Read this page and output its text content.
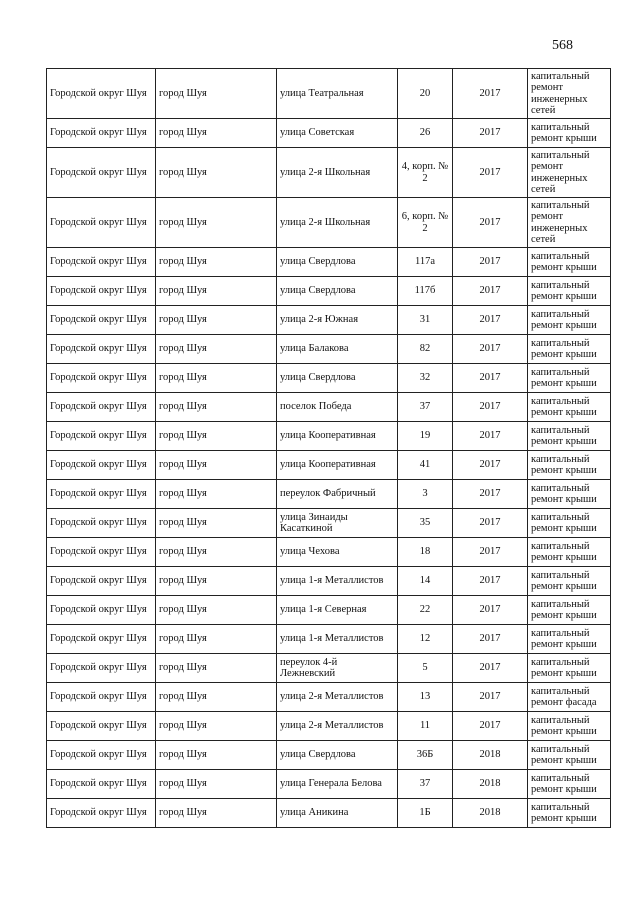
568
Городской округ Шуя	город Шуя	улица Театральная	20	2017	капитальный ремонт инженерных сетей
Городской округ Шуя	город Шуя	улица Советская	26	2017	капитальный ремонт крыши
Городской округ Шуя	город Шуя	улица 2-я Школьная	4, корп. № 2	2017	капитальный ремонт инженерных сетей
Городской округ Шуя	город Шуя	улица 2-я Школьная	6, корп. № 2	2017	капитальный ремонт инженерных сетей
Городской округ Шуя	город Шуя	улица Свердлова	117а	2017	капитальный ремонт крыши
Городской округ Шуя	город Шуя	улица Свердлова	117б	2017	капитальный ремонт крыши
Городской округ Шуя	город Шуя	улица 2-я Южная	31	2017	капитальный ремонт крыши
Городской округ Шуя	город Шуя	улица Балакова	82	2017	капитальный ремонт крыши
Городской округ Шуя	город Шуя	улица Свердлова	32	2017	капитальный ремонт крыши
Городской округ Шуя	город Шуя	поселок Победа	37	2017	капитальный ремонт крыши
Городской округ Шуя	город Шуя	улица Кооперативная	19	2017	капитальный ремонт крыши
Городской округ Шуя	город Шуя	улица Кооперативная	41	2017	капитальный ремонт крыши
Городской округ Шуя	город Шуя	переулок Фабричный	3	2017	капитальный ремонт крыши
Городской округ Шуя	город Шуя	улица Зинаиды Касаткиной	35	2017	капитальный ремонт крыши
Городской округ Шуя	город Шуя	улица Чехова	18	2017	капитальный ремонт крыши
Городской округ Шуя	город Шуя	улица 1-я Металлистов	14	2017	капитальный ремонт крыши
Городской округ Шуя	город Шуя	улица 1-я Северная	22	2017	капитальный ремонт крыши
Городской округ Шуя	город Шуя	улица 1-я Металлистов	12	2017	капитальный ремонт крыши
Городской округ Шуя	город Шуя	переулок 4-й Лежневский	5	2017	капитальный ремонт крыши
Городской округ Шуя	город Шуя	улица 2-я Металлистов	13	2017	капитальный ремонт фасада
Городской округ Шуя	город Шуя	улица 2-я Металлистов	11	2017	капитальный ремонт крыши
Городской округ Шуя	город Шуя	улица Свердлова	36Б	2018	капитальный ремонт крыши
Городской округ Шуя	город Шуя	улица Генерала Белова	37	2018	капитальный ремонт крыши
Городской округ Шуя	город Шуя	улица Аникина	1Б	2018	капитальный ремонт крыши
